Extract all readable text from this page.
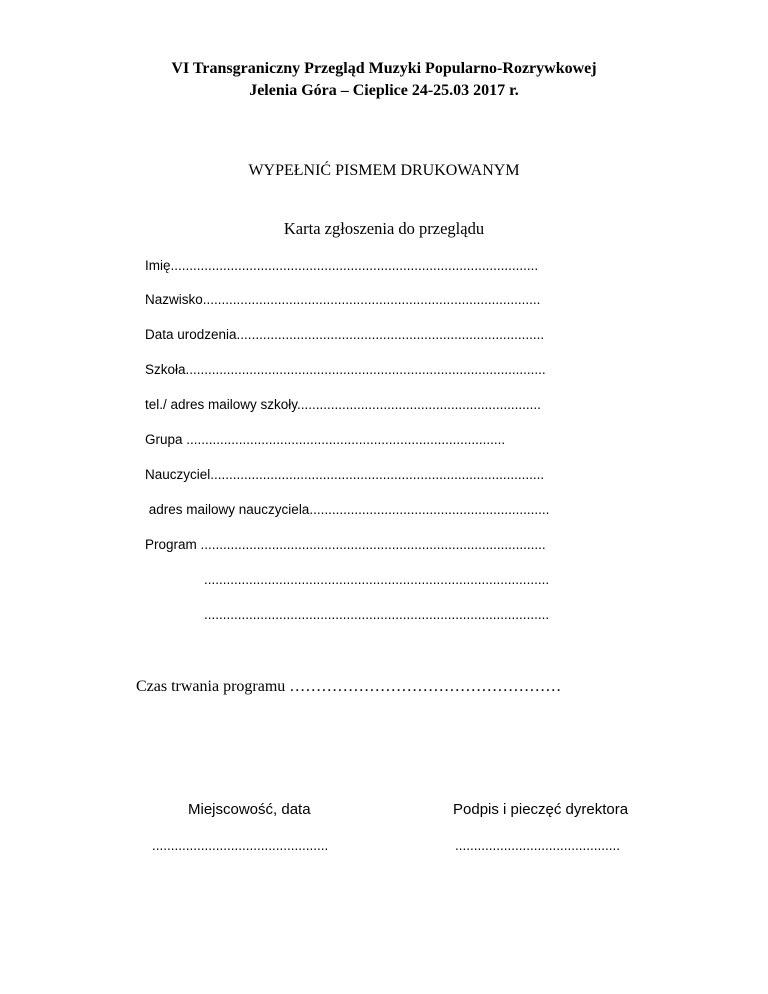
VI Transgraniczny Przegląd Muzyki Popularno-Rozrywkowej
Jelenia Góra – Cieplice 24-25.03 2017 r.
WYPEŁNIĆ PISMEM DRUKOWANYM
Karta zgłoszenia do przeglądu
Imię..................................................................................................
Nazwisko..........................................................................................
Data urodzenia..................................................................................
Szkoła................................................................................................
tel./ adres mailowy szkoły.................................................................
Grupa .....................................................................................
Nauczyciel.........................................................................................
adres mailowy nauczyciela................................................................
Program ............................................................................................
............................................................................................
............................................................................................
Czas trwania programu ……………………………………………
Miejscowość, data	Podpis i pieczęć dyrektora
...............................................	............................................
